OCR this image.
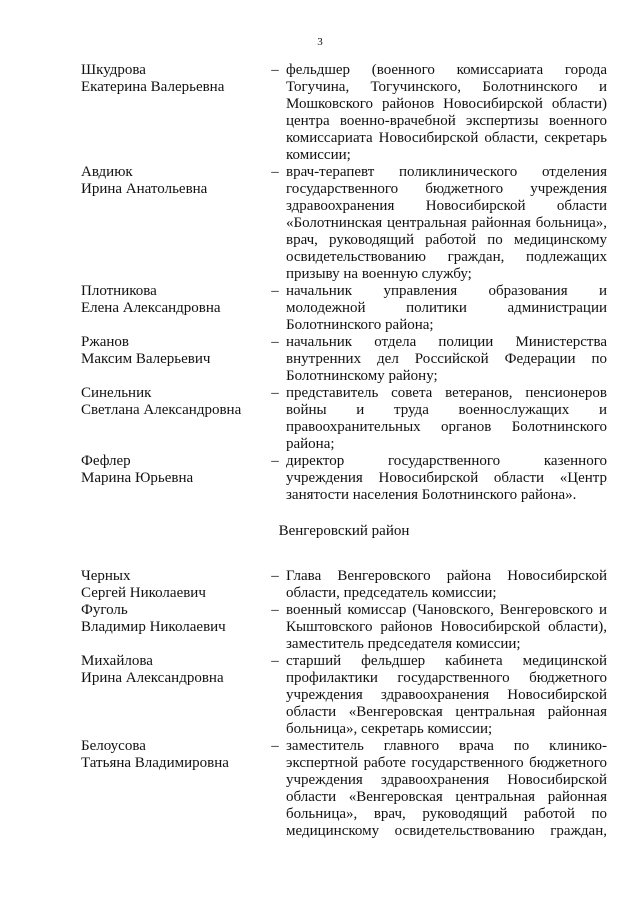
3
Шкудрова
Екатерина Валерьевна
– фельдшер (военного комиссариата города Тогучина, Тогучинского, Болотнинского и Мошковского районов Новосибирской области) центра военно-врачебной экспертизы военного комиссариата Новосибирской области, секретарь комиссии;

Авдиюк
Ирина Анатольевна
– врач-терапевт поликлинического отделения государственного бюджетного учреждения здравоохранения Новосибирской области «Болотнинская центральная районная больница», врач, руководящий работой по медицинскому освидетельствованию граждан, подлежащих призыву на военную службу;

Плотникова
Елена Александровна
– начальник управления образования и молодежной политики администрации Болотнинского района;

Ржанов
Максим Валерьевич
– начальник отдела полиции Министерства внутренних дел Российской Федерации по Болотнинскому району;

Синельник
Светлана Александровна
– представитель совета ветеранов, пенсионеров войны и труда военнослужащих и правоохранительных органов Болотнинского района;

Фефлер
Марина Юрьевна
– директор государственного казенного учреждения Новосибирской области «Центр занятости населения Болотнинского района».

Венгеровский район

Черных
Сергей Николаевич
– Глава Венгеровского района Новосибирской области, председатель комиссии;

Фуголь
Владимир Николаевич
– военный комиссар (Чановского, Венгеровского и Кыштовского районов Новосибирской области), заместитель председателя комиссии;

Михайлова
Ирина Александровна
– старший фельдшер кабинета медицинской профилактики государственного бюджетного учреждения здравоохранения Новосибирской области «Венгеровская центральная районная больница», секретарь комиссии;

Белоусова
Татьяна Владимировна
– заместитель главного врача по клинико-экспертной работе государственного бюджетного учреждения здравоохранения Новосибирской области «Венгеровская центральная районная больница», врач, руководящий работой по медицинскому освидетельствованию граждан,
